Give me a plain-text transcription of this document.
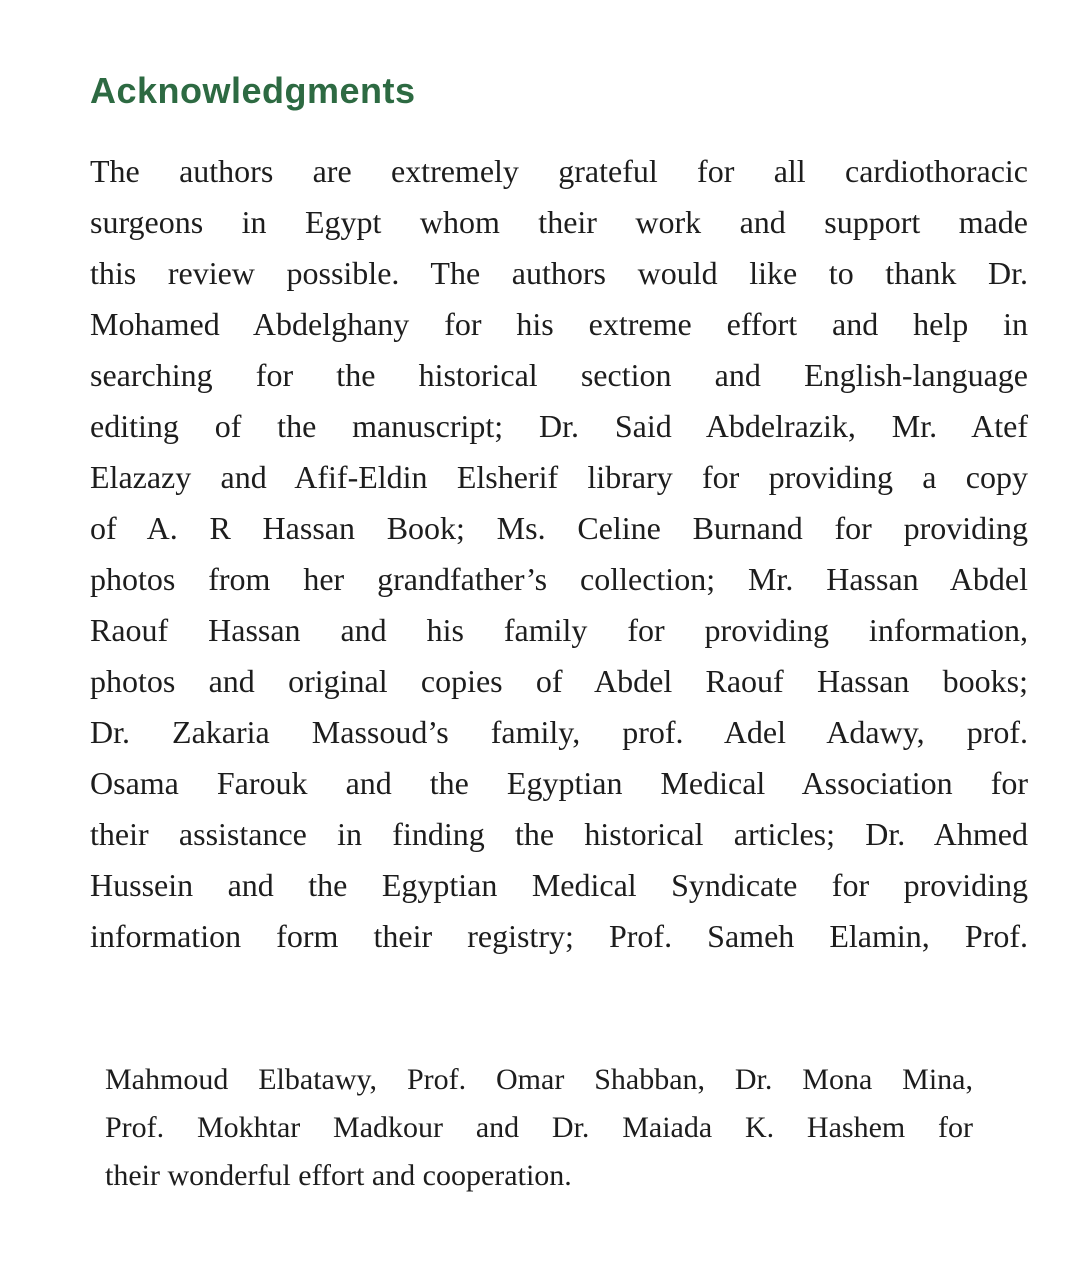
Acknowledgments
The authors are extremely grateful for all cardiothoracic
surgeons in Egypt whom their work and support made
this review possible. The authors would like to thank Dr.
Mohamed Abdelghany for his extreme effort and help in
searching for the historical section and English-language
editing of the manuscript; Dr. Said Abdelrazik, Mr. Atef
Elazazy and Afif-Eldin Elsherif library for providing a copy
of A. R Hassan Book; Ms. Celine Burnand for providing
photos from her grandfather’s collection; Mr. Hassan Abdel
Raouf Hassan and his family for providing information,
photos and original copies of Abdel Raouf Hassan books;
Dr. Zakaria Massoud’s family, prof. Adel Adawy, prof.
Osama Farouk and the Egyptian Medical Association for
their assistance in finding the historical articles; Dr. Ahmed
Hussein and the Egyptian Medical Syndicate for providing
information form their registry; Prof. Sameh Elamin, Prof.
Mahmoud Elbatawy, Prof. Omar Shabban, Dr. Mona Mina,
Prof. Mokhtar Madkour and Dr. Maiada K. Hashem for
their wonderful effort and cooperation.
